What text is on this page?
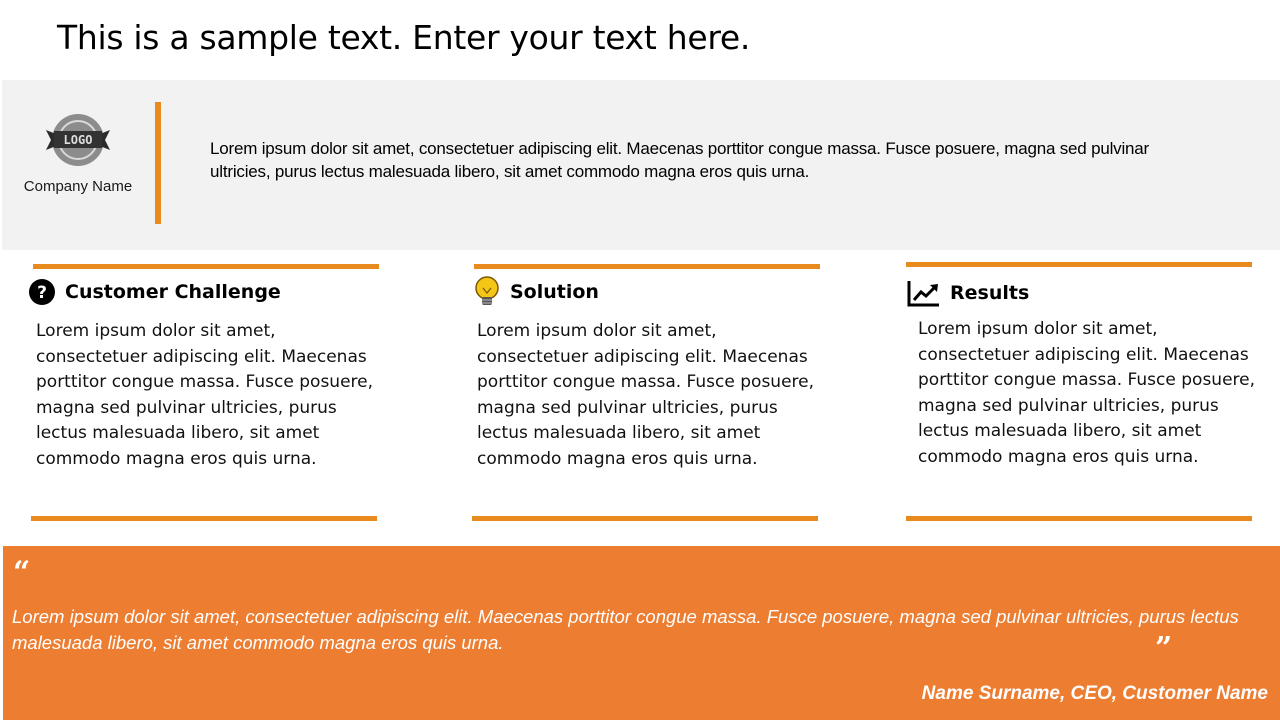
This is a sample text. Enter your text here.
LOGO
Company Name
Lorem ipsum dolor sit amet, consectetuer adipiscing elit. Maecenas porttitor congue massa. Fusce posuere, magna sed pulvinar ultricies, purus lectus malesuada libero, sit amet commodo magna eros quis urna.
? Customer Challenge
Lorem ipsum dolor sit amet, consectetuer adipiscing elit. Maecenas porttitor congue massa. Fusce posuere, magna sed pulvinar ultricies, purus lectus malesuada libero, sit amet commodo magna eros quis urna.
Solution
Lorem ipsum dolor sit amet, consectetuer adipiscing elit. Maecenas porttitor congue massa. Fusce posuere, magna sed pulvinar ultricies, purus lectus malesuada libero, sit amet commodo magna eros quis urna.
Results
Lorem ipsum dolor sit amet, consectetuer adipiscing elit. Maecenas porttitor congue massa. Fusce posuere, magna sed pulvinar ultricies, purus lectus malesuada libero, sit amet commodo magna eros quis urna.
“
Lorem ipsum dolor sit amet, consectetuer adipiscing elit. Maecenas porttitor congue massa. Fusce posuere, magna sed pulvinar ultricies, purus lectus malesuada libero, sit amet commodo magna eros quis urna.	”
Name Surname, CEO, Customer Name
